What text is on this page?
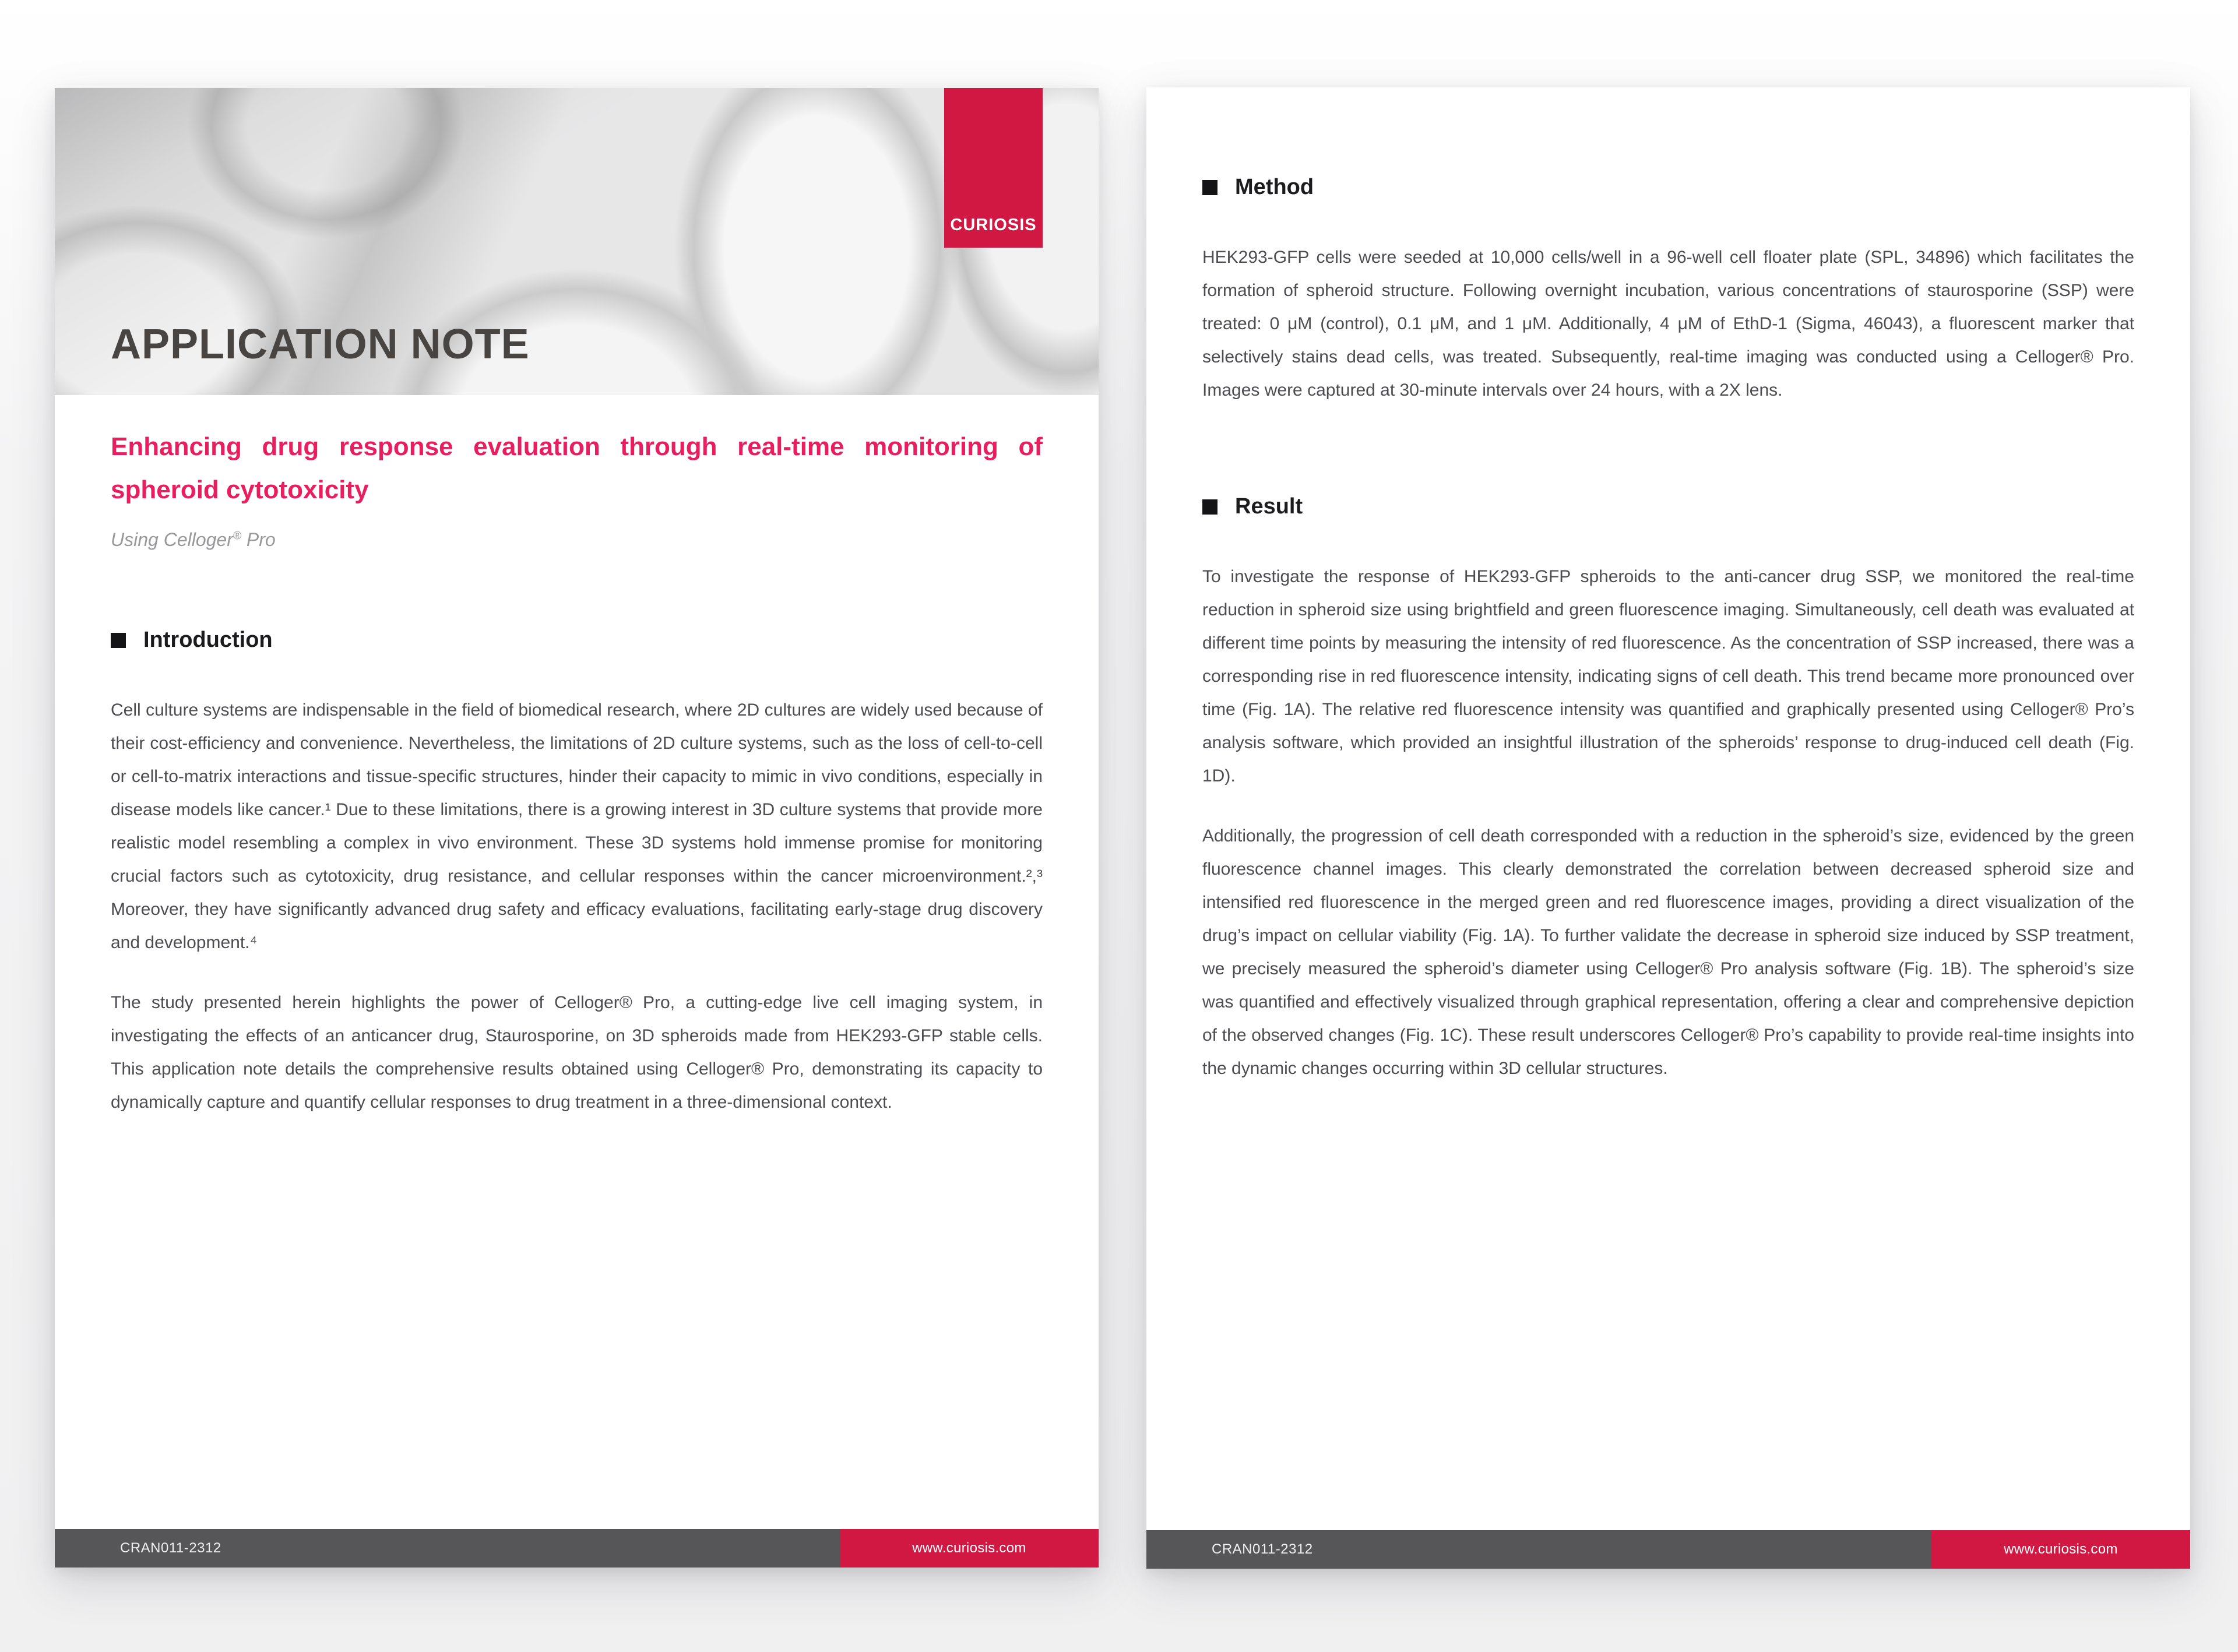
CURIOSIS
APPLICATION NOTE
Enhancing drug response evaluation through real-time monitoring of spheroid cytotoxicity

Using Celloger® Pro

Introduction

Cell culture systems are indispensable in the field of biomedical research, where 2D cultures are widely used because of their cost-efficiency and convenience. Nevertheless, the limitations of 2D culture systems, such as the loss of cell-to-cell or cell-to-matrix interactions and tissue-specific structures, hinder their capacity to mimic in vivo conditions, especially in disease models like cancer.¹ Due to these limitations, there is a growing interest in 3D culture systems that provide more realistic model resembling a complex in vivo environment. These 3D systems hold immense promise for monitoring crucial factors such as cytotoxicity, drug resistance, and cellular responses within the cancer microenvironment.²,³ Moreover, they have significantly advanced drug safety and efficacy evaluations, facilitating early-stage drug discovery and development.⁴

The study presented herein highlights the power of Celloger® Pro, a cutting-edge live cell imaging system, in investigating the effects of an anticancer drug, Staurosporine, on 3D spheroids made from HEK293-GFP stable cells. This application note details the comprehensive results obtained using Celloger® Pro, demonstrating its capacity to dynamically capture and quantify cellular responses to drug treatment in a three-dimensional context.

CRAN011-2312	www.curiosis.com
Method

HEK293-GFP cells were seeded at 10,000 cells/well in a 96-well cell floater plate (SPL, 34896) which facilitates the formation of spheroid structure. Following overnight incubation, various concentrations of staurosporine (SSP) were treated: 0 μM (control), 0.1 μM, and 1 μM. Additionally, 4 μM of EthD-1 (Sigma, 46043), a fluorescent marker that selectively stains dead cells, was treated. Subsequently, real-time imaging was conducted using a Celloger® Pro. Images were captured at 30-minute intervals over 24 hours, with a 2X lens.

Result

To investigate the response of HEK293-GFP spheroids to the anti-cancer drug SSP, we monitored the real-time reduction in spheroid size using brightfield and green fluorescence imaging. Simultaneously, cell death was evaluated at different time points by measuring the intensity of red fluorescence. As the concentration of SSP increased, there was a corresponding rise in red fluorescence intensity, indicating signs of cell death. This trend became more pronounced over time (Fig. 1A). The relative red fluorescence intensity was quantified and graphically presented using Celloger® Pro’s analysis software, which provided an insightful illustration of the spheroids’ response to drug-induced cell death (Fig. 1D).

Additionally, the progression of cell death corresponded with a reduction in the spheroid’s size, evidenced by the green fluorescence channel images. This clearly demonstrated the correlation between decreased spheroid size and intensified red fluorescence in the merged green and red fluorescence images, providing a direct visualization of the drug’s impact on cellular viability (Fig. 1A). To further validate the decrease in spheroid size induced by SSP treatment, we precisely measured the spheroid’s diameter using Celloger® Pro analysis software (Fig. 1B). The spheroid’s size was quantified and effectively visualized through graphical representation, offering a clear and comprehensive depiction of the observed changes (Fig. 1C). These result underscores Celloger® Pro’s capability to provide real-time insights into the dynamic changes occurring within 3D cellular structures.

CRAN011-2312	www.curiosis.com
